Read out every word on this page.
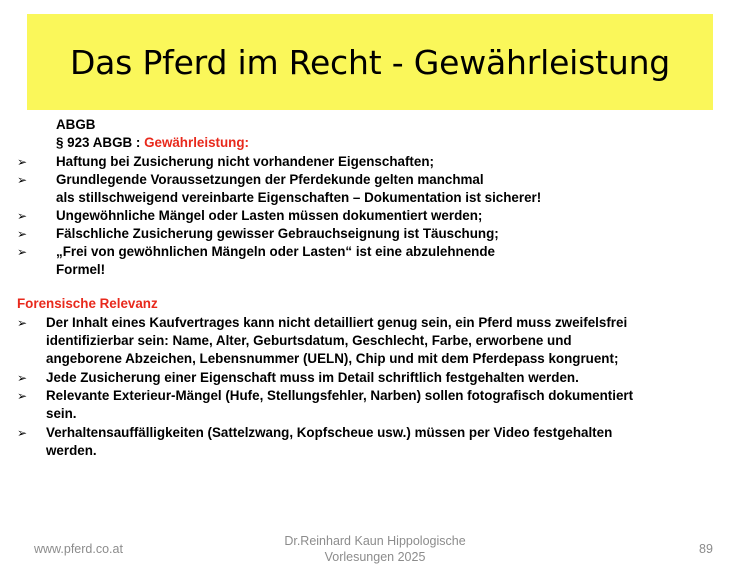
Das Pferd im Recht - Gewährleistung
ABGB
§ 923 ABGB : Gewährleistung:
➢ Haftung bei Zusicherung nicht vorhandener Eigenschaften;
➢ Grundlegende Voraussetzungen der Pferdekunde gelten manchmal
als stillschweigend vereinbarte Eigenschaften – Dokumentation ist sicherer!
➢ Ungewöhnliche Mängel oder Lasten müssen dokumentiert werden;
➢ Fälschliche Zusicherung gewisser Gebrauchseignung ist Täuschung;
➢ „Frei von gewöhnlichen Mängeln oder Lasten“ ist eine abzulehnende
Formel!
Forensische Relevanz
➢ Der Inhalt eines Kaufvertrages kann nicht detailliert genug sein, ein Pferd muss zweifelsfrei
identifizierbar sein: Name, Alter, Geburtsdatum, Geschlecht, Farbe, erworbene und
angeborene Abzeichen, Lebensnummer (UELN), Chip und mit dem Pferdepass kongruent;
➢ Jede Zusicherung einer Eigenschaft muss im Detail schriftlich festgehalten werden.
➢ Relevante Exterieur-Mängel (Hufe, Stellungsfehler, Narben) sollen fotografisch dokumentiert
sein.
➢ Verhaltensauffälligkeiten (Sattelzwang, Kopfscheue usw.) müssen per Video festgehalten
werden.
www.pferd.co.at
Dr.Reinhard Kaun Hippologische
Vorlesungen 2025
89
